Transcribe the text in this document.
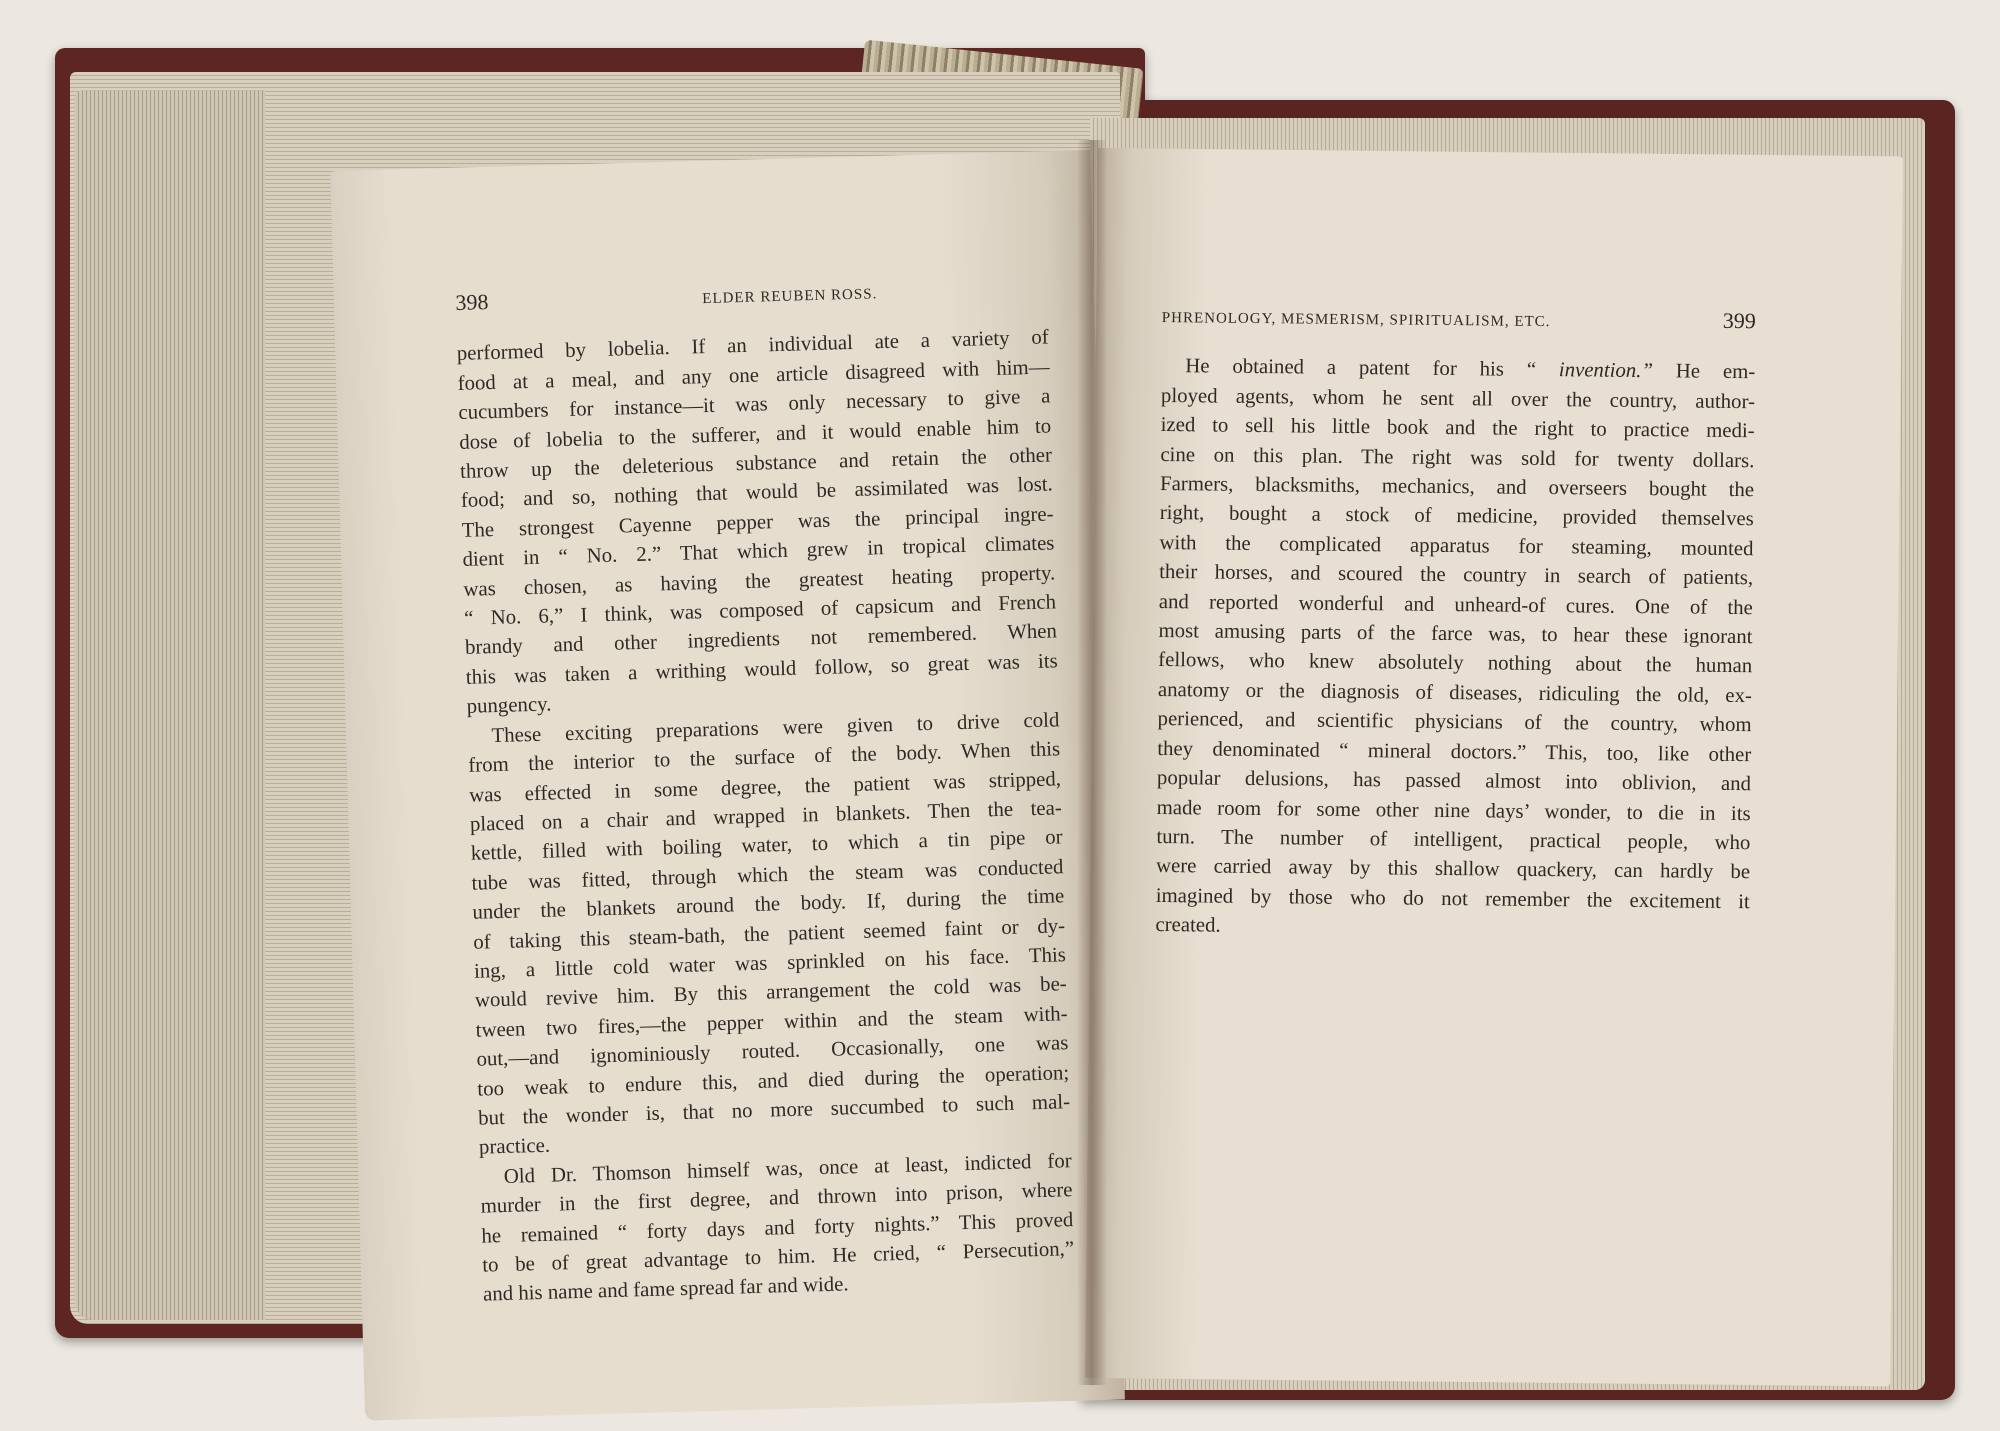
398	ELDER REUBEN ROSS.
performed by lobelia. If an individual ate a variety of
food at a meal, and any one article disagreed with him—
cucumbers for instance—it was only necessary to give a
dose of lobelia to the sufferer, and it would enable him to
throw up the deleterious substance and retain the other
food; and so, nothing that would be assimilated was lost.
The strongest Cayenne pepper was the principal ingre-
dient in “ No. 2.” That which grew in tropical climates
was chosen, as having the greatest heating property.
“ No. 6,” I think, was composed of capsicum and French
brandy and other ingredients not remembered. When
this was taken a writhing would follow, so great was its
pungency.
These exciting preparations were given to drive cold
from the interior to the surface of the body. When this
was effected in some degree, the patient was stripped,
placed on a chair and wrapped in blankets. Then the tea-
kettle, filled with boiling water, to which a tin pipe or
tube was fitted, through which the steam was conducted
under the blankets around the body. If, during the time
of taking this steam-bath, the patient seemed faint or dy-
ing, a little cold water was sprinkled on his face. This
would revive him. By this arrangement the cold was be-
tween two fires,—the pepper within and the steam with-
out,—and ignominiously routed. Occasionally, one was
too weak to endure this, and died during the operation;
but the wonder is, that no more succumbed to such mal-
practice.
Old Dr. Thomson himself was, once at least, indicted for
murder in the first degree, and thrown into prison, where
he remained “ forty days and forty nights.” This proved
to be of great advantage to him. He cried, “ Persecution,”
and his name and fame spread far and wide.
PHRENOLOGY, MESMERISM, SPIRITUALISM, ETC.	399
He obtained a patent for his “ invention.” He em-
ployed agents, whom he sent all over the country, author-
ized to sell his little book and the right to practice medi-
cine on this plan. The right was sold for twenty dollars.
Farmers, blacksmiths, mechanics, and overseers bought the
right, bought a stock of medicine, provided themselves
with the complicated apparatus for steaming, mounted
their horses, and scoured the country in search of patients,
and reported wonderful and unheard-of cures. One of the
most amusing parts of the farce was, to hear these ignorant
fellows, who knew absolutely nothing about the human
anatomy or the diagnosis of diseases, ridiculing the old, ex-
perienced, and scientific physicians of the country, whom
they denominated “ mineral doctors.” This, too, like other
popular delusions, has passed almost into oblivion, and
made room for some other nine days’ wonder, to die in its
turn. The number of intelligent, practical people, who
were carried away by this shallow quackery, can hardly be
imagined by those who do not remember the excitement it
created.
